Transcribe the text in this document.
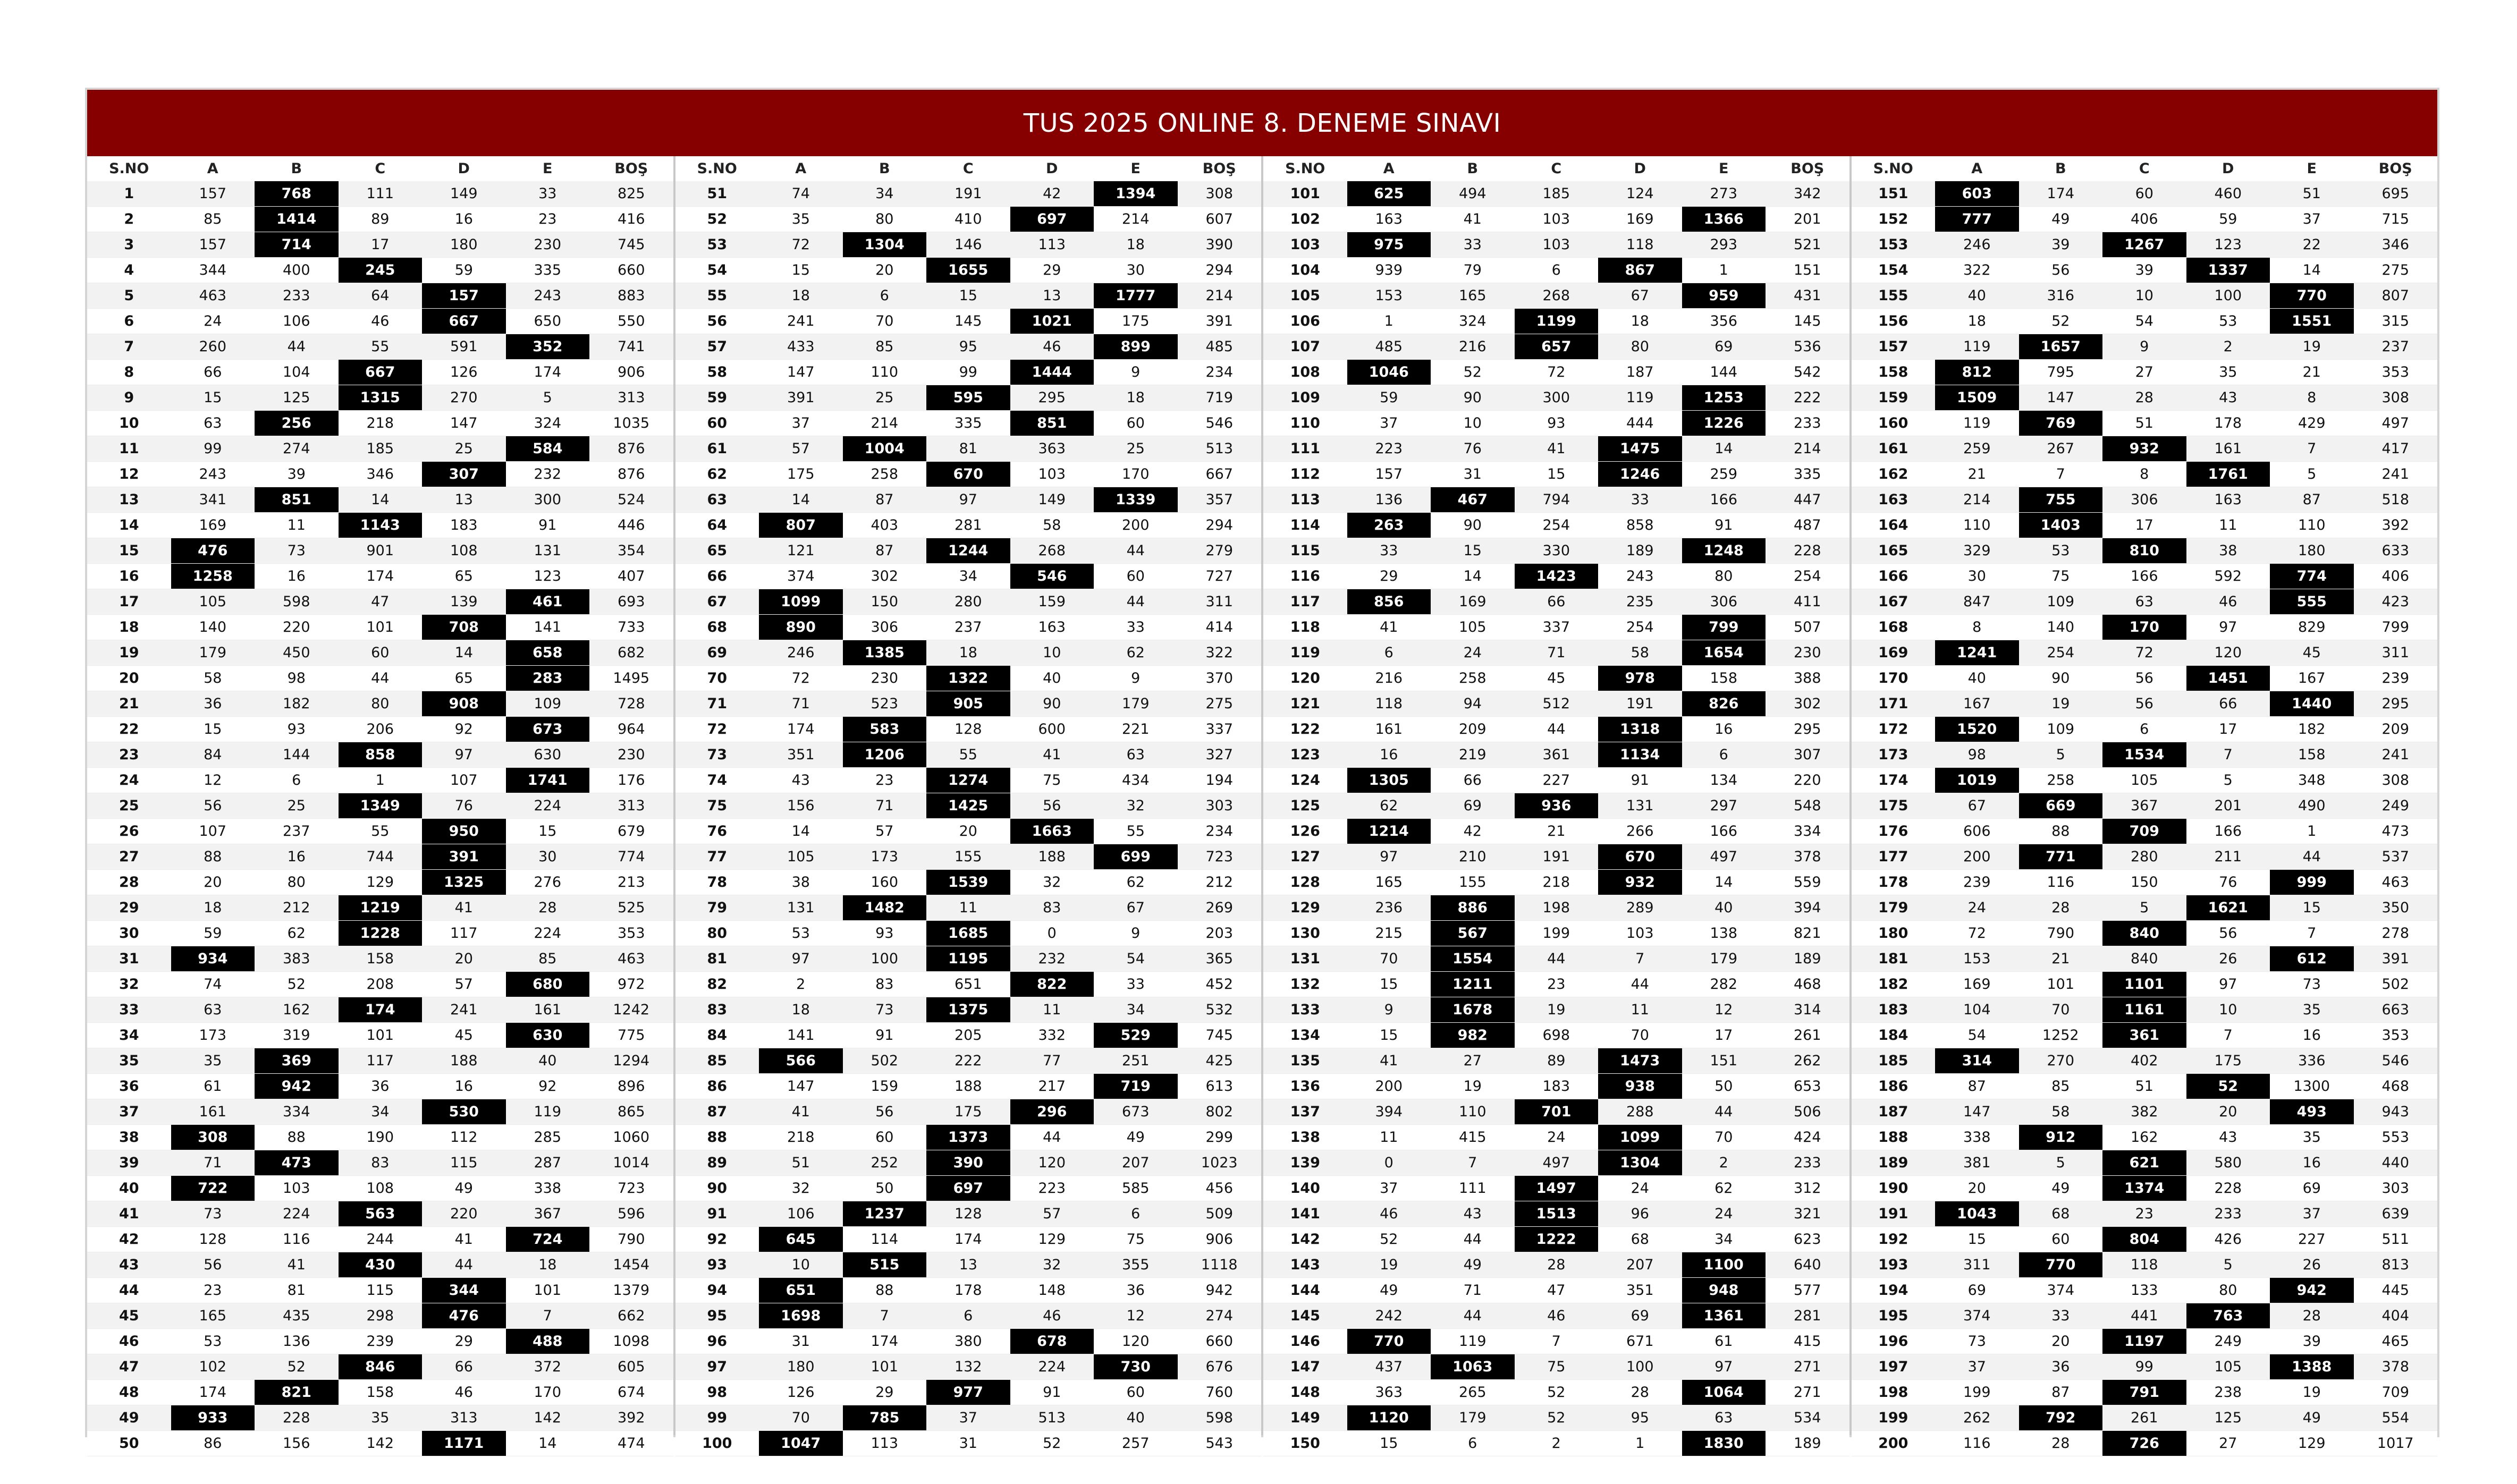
TUS 2025 ONLINE 8. DENEME SINAVI
S.NO	A	B	C	D	E	BOŞ
1	157	768	111	149	33	825
2	85	1414	89	16	23	416
3	157	714	17	180	230	745
4	344	400	245	59	335	660
5	463	233	64	157	243	883
6	24	106	46	667	650	550
7	260	44	55	591	352	741
8	66	104	667	126	174	906
9	15	125	1315	270	5	313
10	63	256	218	147	324	1035
11	99	274	185	25	584	876
12	243	39	346	307	232	876
13	341	851	14	13	300	524
14	169	11	1143	183	91	446
15	476	73	901	108	131	354
16	1258	16	174	65	123	407
17	105	598	47	139	461	693
18	140	220	101	708	141	733
19	179	450	60	14	658	682
20	58	98	44	65	283	1495
21	36	182	80	908	109	728
22	15	93	206	92	673	964
23	84	144	858	97	630	230
24	12	6	1	107	1741	176
25	56	25	1349	76	224	313
26	107	237	55	950	15	679
27	88	16	744	391	30	774
28	20	80	129	1325	276	213
29	18	212	1219	41	28	525
30	59	62	1228	117	224	353
31	934	383	158	20	85	463
32	74	52	208	57	680	972
33	63	162	174	241	161	1242
34	173	319	101	45	630	775
35	35	369	117	188	40	1294
36	61	942	36	16	92	896
37	161	334	34	530	119	865
38	308	88	190	112	285	1060
39	71	473	83	115	287	1014
40	722	103	108	49	338	723
41	73	224	563	220	367	596
42	128	116	244	41	724	790
43	56	41	430	44	18	1454
44	23	81	115	344	101	1379
45	165	435	298	476	7	662
46	53	136	239	29	488	1098
47	102	52	846	66	372	605
48	174	821	158	46	170	674
49	933	228	35	313	142	392
50	86	156	142	1171	14	474
S.NO	A	B	C	D	E	BOŞ
51	74	34	191	42	1394	308
52	35	80	410	697	214	607
53	72	1304	146	113	18	390
54	15	20	1655	29	30	294
55	18	6	15	13	1777	214
56	241	70	145	1021	175	391
57	433	85	95	46	899	485
58	147	110	99	1444	9	234
59	391	25	595	295	18	719
60	37	214	335	851	60	546
61	57	1004	81	363	25	513
62	175	258	670	103	170	667
63	14	87	97	149	1339	357
64	807	403	281	58	200	294
65	121	87	1244	268	44	279
66	374	302	34	546	60	727
67	1099	150	280	159	44	311
68	890	306	237	163	33	414
69	246	1385	18	10	62	322
70	72	230	1322	40	9	370
71	71	523	905	90	179	275
72	174	583	128	600	221	337
73	351	1206	55	41	63	327
74	43	23	1274	75	434	194
75	156	71	1425	56	32	303
76	14	57	20	1663	55	234
77	105	173	155	188	699	723
78	38	160	1539	32	62	212
79	131	1482	11	83	67	269
80	53	93	1685	0	9	203
81	97	100	1195	232	54	365
82	2	83	651	822	33	452
83	18	73	1375	11	34	532
84	141	91	205	332	529	745
85	566	502	222	77	251	425
86	147	159	188	217	719	613
87	41	56	175	296	673	802
88	218	60	1373	44	49	299
89	51	252	390	120	207	1023
90	32	50	697	223	585	456
91	106	1237	128	57	6	509
92	645	114	174	129	75	906
93	10	515	13	32	355	1118
94	651	88	178	148	36	942
95	1698	7	6	46	12	274
96	31	174	380	678	120	660
97	180	101	132	224	730	676
98	126	29	977	91	60	760
99	70	785	37	513	40	598
100	1047	113	31	52	257	543
S.NO	A	B	C	D	E	BOŞ
101	625	494	185	124	273	342
102	163	41	103	169	1366	201
103	975	33	103	118	293	521
104	939	79	6	867	1	151
105	153	165	268	67	959	431
106	1	324	1199	18	356	145
107	485	216	657	80	69	536
108	1046	52	72	187	144	542
109	59	90	300	119	1253	222
110	37	10	93	444	1226	233
111	223	76	41	1475	14	214
112	157	31	15	1246	259	335
113	136	467	794	33	166	447
114	263	90	254	858	91	487
115	33	15	330	189	1248	228
116	29	14	1423	243	80	254
117	856	169	66	235	306	411
118	41	105	337	254	799	507
119	6	24	71	58	1654	230
120	216	258	45	978	158	388
121	118	94	512	191	826	302
122	161	209	44	1318	16	295
123	16	219	361	1134	6	307
124	1305	66	227	91	134	220
125	62	69	936	131	297	548
126	1214	42	21	266	166	334
127	97	210	191	670	497	378
128	165	155	218	932	14	559
129	236	886	198	289	40	394
130	215	567	199	103	138	821
131	70	1554	44	7	179	189
132	15	1211	23	44	282	468
133	9	1678	19	11	12	314
134	15	982	698	70	17	261
135	41	27	89	1473	151	262
136	200	19	183	938	50	653
137	394	110	701	288	44	506
138	11	415	24	1099	70	424
139	0	7	497	1304	2	233
140	37	111	1497	24	62	312
141	46	43	1513	96	24	321
142	52	44	1222	68	34	623
143	19	49	28	207	1100	640
144	49	71	47	351	948	577
145	242	44	46	69	1361	281
146	770	119	7	671	61	415
147	437	1063	75	100	97	271
148	363	265	52	28	1064	271
149	1120	179	52	95	63	534
150	15	6	2	1	1830	189
S.NO	A	B	C	D	E	BOŞ
151	603	174	60	460	51	695
152	777	49	406	59	37	715
153	246	39	1267	123	22	346
154	322	56	39	1337	14	275
155	40	316	10	100	770	807
156	18	52	54	53	1551	315
157	119	1657	9	2	19	237
158	812	795	27	35	21	353
159	1509	147	28	43	8	308
160	119	769	51	178	429	497
161	259	267	932	161	7	417
162	21	7	8	1761	5	241
163	214	755	306	163	87	518
164	110	1403	17	11	110	392
165	329	53	810	38	180	633
166	30	75	166	592	774	406
167	847	109	63	46	555	423
168	8	140	170	97	829	799
169	1241	254	72	120	45	311
170	40	90	56	1451	167	239
171	167	19	56	66	1440	295
172	1520	109	6	17	182	209
173	98	5	1534	7	158	241
174	1019	258	105	5	348	308
175	67	669	367	201	490	249
176	606	88	709	166	1	473
177	200	771	280	211	44	537
178	239	116	150	76	999	463
179	24	28	5	1621	15	350
180	72	790	840	56	7	278
181	153	21	840	26	612	391
182	169	101	1101	97	73	502
183	104	70	1161	10	35	663
184	54	1252	361	7	16	353
185	314	270	402	175	336	546
186	87	85	51	52	1300	468
187	147	58	382	20	493	943
188	338	912	162	43	35	553
189	381	5	621	580	16	440
190	20	49	1374	228	69	303
191	1043	68	23	233	37	639
192	15	60	804	426	227	511
193	311	770	118	5	26	813
194	69	374	133	80	942	445
195	374	33	441	763	28	404
196	73	20	1197	249	39	465
197	37	36	99	105	1388	378
198	199	87	791	238	19	709
199	262	792	261	125	49	554
200	116	28	726	27	129	1017
